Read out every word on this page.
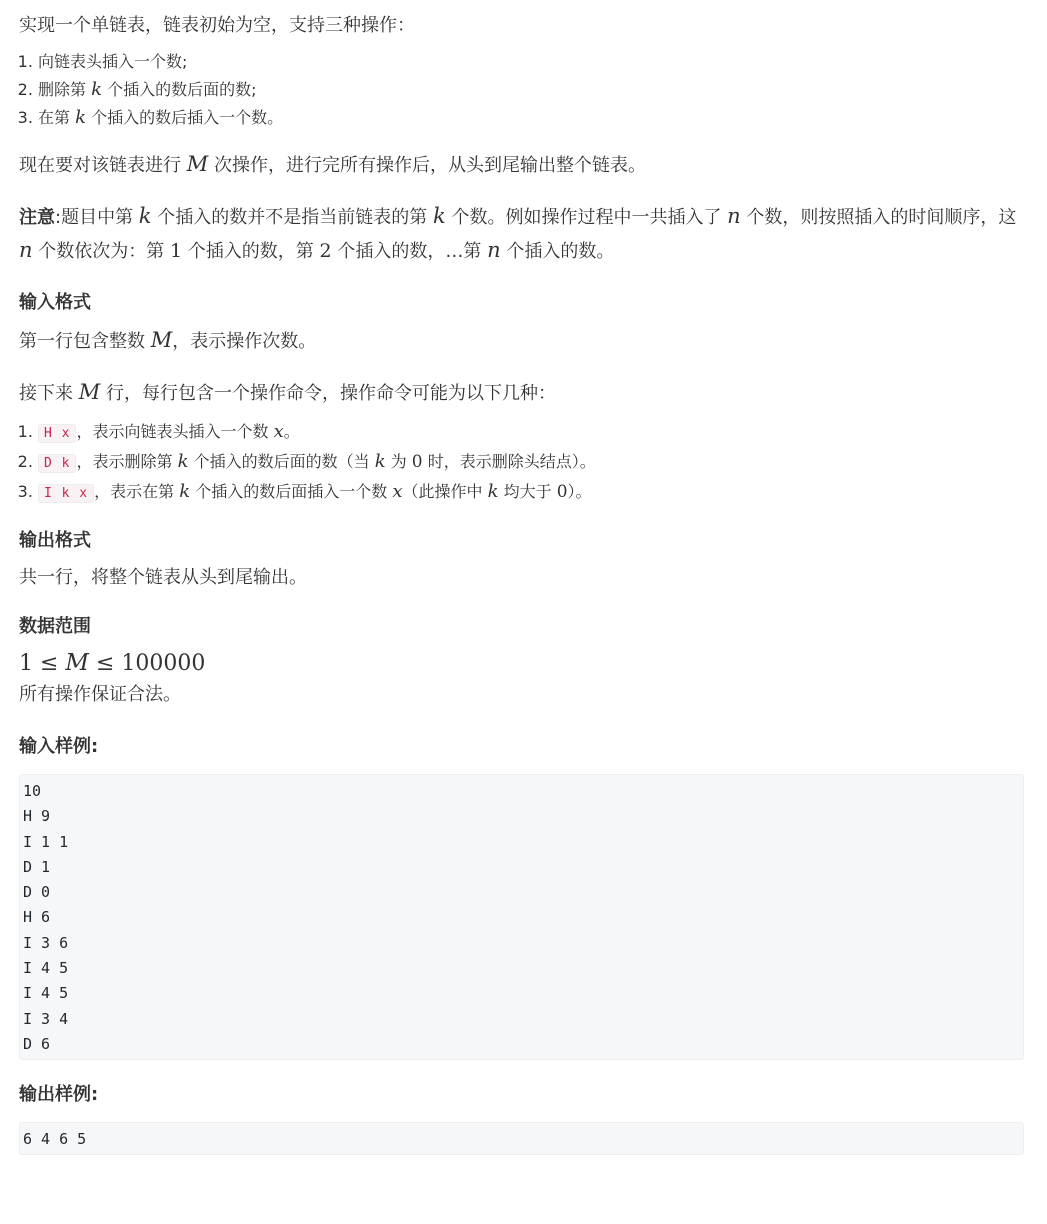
实现一个单链表，链表初始为空，支持三种操作：

1. 向链表头插入一个数;
2. 删除第 k 个插入的数后面的数;
3. 在第 k 个插入的数后插入一个数。

现在要对该链表进行 M 次操作，进行完所有操作后，从头到尾输出整个链表。

注意:题目中第 k 个插入的数并不是指当前链表的第 k 个数。例如操作过程中一共插入了 n 个数，则按照插入的时间顺序，这 n 个数依次为：第 1 个插入的数，第 2 个插入的数，…第 n 个插入的数。

输入格式

第一行包含整数 M，表示操作次数。

接下来 M 行，每行包含一个操作命令，操作命令可能为以下几种：

1. H x ，表示向链表头插入一个数 x。
2. D k ，表示删除第 k 个插入的数后面的数（当 k 为 0 时，表示删除头结点）。
3. I k x ，表示在第 k 个插入的数后面插入一个数 x（此操作中 k 均大于 0）。
输出格式

共一行，将整个链表从头到尾输出。

数据范围

1 ≤ M ≤ 100000

所有操作保证合法。

输入样例:
10
H 9
I 1 1
D 1
D 0
H 6
I 3 6
I 4 5
I 4 5
I 3 4
D 6
输出样例:
6 4 6 5
